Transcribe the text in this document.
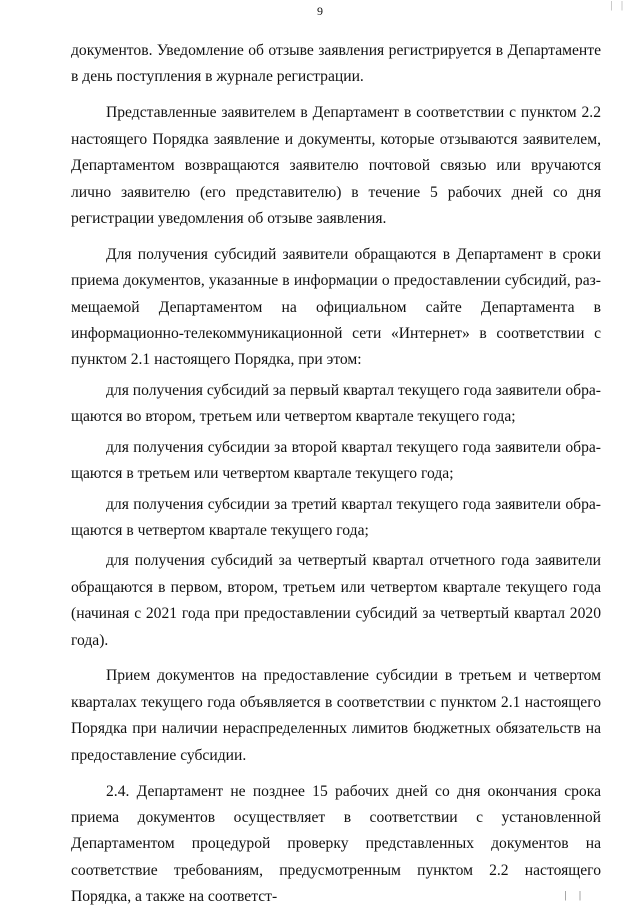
| |
9

документов. Уведомление об отзыве заявления регистрируется в Департаменте в день поступления в журнале регистрации.

Представленные заявителем в Департамент в соответствии с пунктом 2.2 настоящего Порядка заявление и документы, которые отзываются заявителем, Департаментом возвращаются заявителю почтовой связью или вручаются лично заявителю (его представителю) в течение 5 рабочих дней со дня регистрации уведомления об отзыве заявления.

Для получения субсидий заявители обращаются в Департамент в сроки приема документов, указанные в информации о предоставлении субсидий, размещаемой Департаментом на официальном сайте Департамента в информационно-телекоммуникационной сети «Интернет» в соответствии с пунктом 2.1 настоящего Порядка, при этом:

для получения субсидий за первый квартал текущего года заявители обращаются во втором, третьем или четвертом квартале текущего года;

для получения субсидии за второй квартал текущего года заявители обращаются в третьем или четвертом квартале текущего года;

для получения субсидии за третий квартал текущего года заявители обращаются в четвертом квартале текущего года;

для получения субсидий за четвертый квартал отчетного года заявители обращаются в первом, втором, третьем или четвертом квартале текущего года (начиная с 2021 года при предоставлении субсидий за четвертый квартал 2020 года).

Прием документов на предоставление субсидии в третьем и четвертом кварталах текущего года объявляется в соответствии с пунктом 2.1 настоящего Порядка при наличии нераспределенных лимитов бюджетных обязательств на предоставление субсидии.

2.4. Департамент не позднее 15 рабочих дней со дня окончания срока приема документов осуществляет в соответствии с установленной Департаментом процедурой проверку представленных документов на соответствие требованиям, предусмотренным пунктом 2.2 настоящего Порядка, а также на соответст-	| |
